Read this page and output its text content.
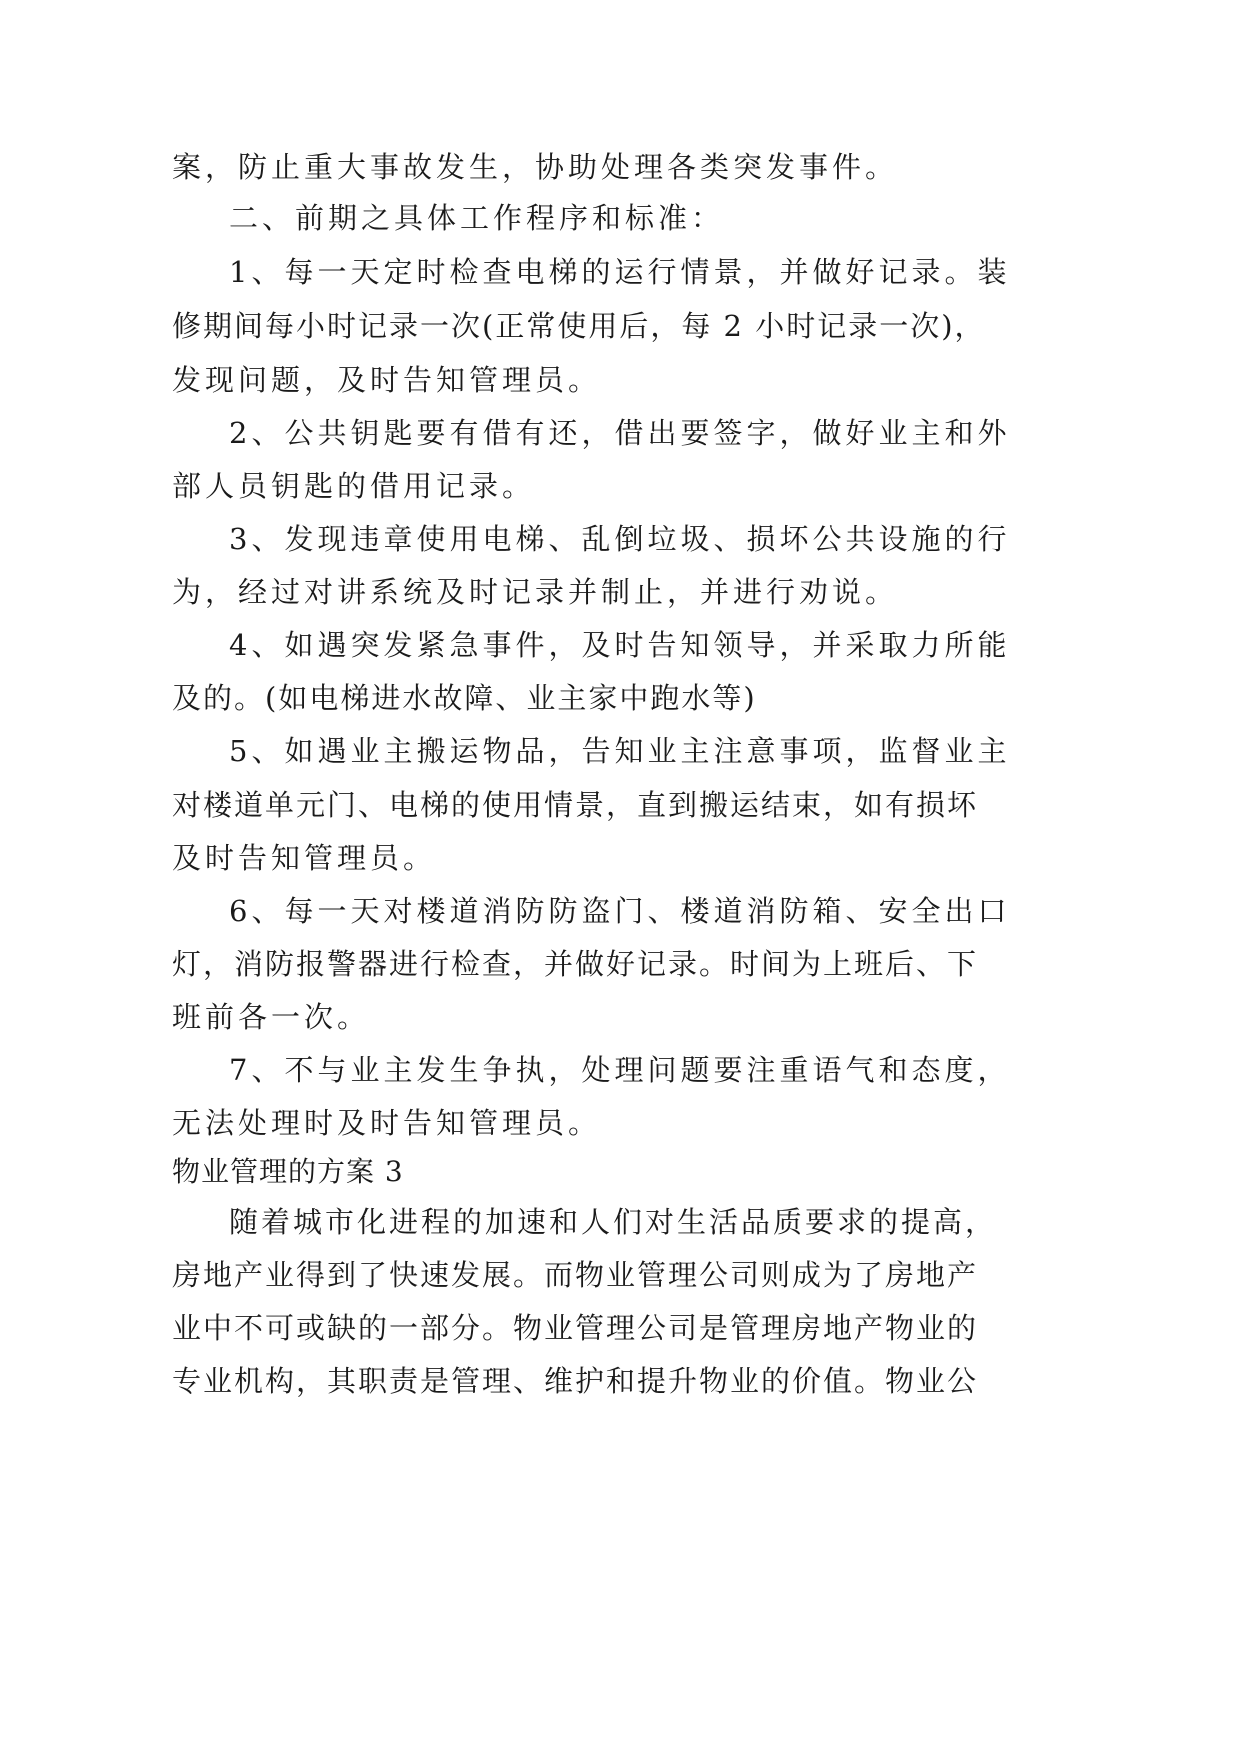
案，防止重大事故发生，协助处理各类突发事件。
二、前期之具体工作程序和标准：
1、每一天定时检查电梯的运行情景，并做好记录。装
修期间每小时记录一次(正常使用后，每 2 小时记录一次)，
发现问题，及时告知管理员。
2、公共钥匙要有借有还，借出要签字，做好业主和外
部人员钥匙的借用记录。
3、发现违章使用电梯、乱倒垃圾、损坏公共设施的行
为，经过对讲系统及时记录并制止，并进行劝说。
4、如遇突发紧急事件，及时告知领导，并采取力所能
及的。(如电梯进水故障、业主家中跑水等)
5、如遇业主搬运物品，告知业主注意事项，监督业主
对楼道单元门、电梯的使用情景，直到搬运结束，如有损坏
及时告知管理员。
6、每一天对楼道消防防盗门、楼道消防箱、安全出口
灯，消防报警器进行检查，并做好记录。时间为上班后、下
班前各一次。
7、不与业主发生争执，处理问题要注重语气和态度，
无法处理时及时告知管理员。
物业管理的方案 3
随着城市化进程的加速和人们对生活品质要求的提高，
房地产业得到了快速发展。而物业管理公司则成为了房地产
业中不可或缺的一部分。物业管理公司是管理房地产物业的
专业机构，其职责是管理、维护和提升物业的价值。物业公
